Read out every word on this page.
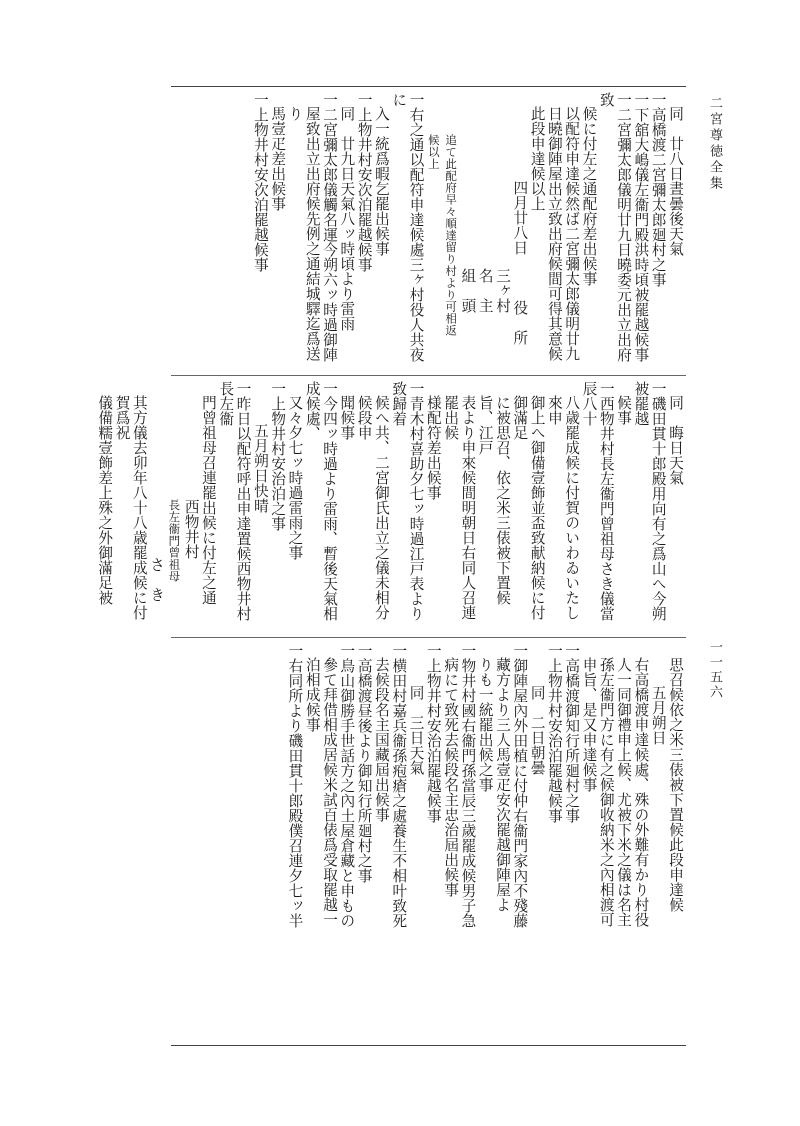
二宮尊徳全集
一一五六

同　廿八日晝曇後天氣

一高橋渡二宮彌太郎廻村之事

一下舘大嶋儀左衞門殿洪時頃被罷越候事

一二宮彌太郎儀明廿九日曉委元出立出府致

候に付左之通配府差出候事

以配符申達候然ば二宮彌太郎儀明廿九

日曉御陣屋出立致出府候間可得其意候

此段申達候以上

四月廿八日　　　役　所

三ヶ村

名　主

組　頭

追て此配府早々順達留り村より可相返

候以上

一右之通以配符申達候處三ヶ村役人共夜に

入一統爲暇乞罷出候事

一上物井村安次泊罷越候事

同　廿九日天氣八ッ時頃より雷雨

一二宮彌太郎儀觸名運今朔六ッ時過御陣

屋致出立出府候先例之通結城驛迄爲送り

馬壹疋差出候事

一上物井村安次泊罷越候事

同　晦日天氣

一磯田貫十郎殿用向有之爲山へ今朔被罷越

候事

一西物井村長左衞門曾祖母さき儀當辰八十

八歳罷成候に付賀のいわゐいたし來申

御上へ御備壹飾並盃致献納候に付御滿足

に被思召、依之米三俵被下置候旨、江戸

表より申來候間明朝日右同人召連罷出候

様配符差出候事

一青木村喜助夕七ッ時過江戸表より致歸着

候へ共、二宮御氏出立之儀未相分候段申

聞候事

一今四ッ時過より雷雨、暫後天氣相成候處、

又々夕七ッ時過雷雨之事

一上物井村安治泊之事

五月朔日快晴

一昨日以配符呼出申達置候西物井村長左衞

門曾祖母召連罷出候に付左之通

西物井村

長左衞門曾祖母

さ　き

其方儀去卯年八十八歳罷成候に付賀爲祝

儀備糯壹飾差上殊之外御滿足被

思召候依之米三俵被下置候此段申達候

五月朔日

右高橋渡申達候處、殊の外難有かり村役

人一同御禮申上候、尤被下米之儀は名主

孫左衞門方に有之候御收納米之內相渡可

申旨、是又申達候事

一高橋渡御知行所廻村之事

一上物井村安治泊罷越候事

同　二日朝曇

一御陣屋內外田植に付仲右衞門家內不殘藤

藏方より三人馬壹疋安次罷越御陣屋よ

りも一統罷出候之事

一物井村國右衞門孫當辰三歲罷成候男子急

病にて致死去候段名主忠治屆出候事

一上物井村安治泊罷越候事

同　三日天氣

一横田村嘉兵衞孫疱瘡之處養生不相叶致死

去候段名主国藏屆出候事

一高橋渡昼後より御知行所廻村之事

一鳥山御勝手世話方之內土屋倉藏と申もの

參て拜借相成居候米試百俵爲受取罷越一

泊相成候事

一右同所より磯田貫十郎殿僕召連夕七ッ半
